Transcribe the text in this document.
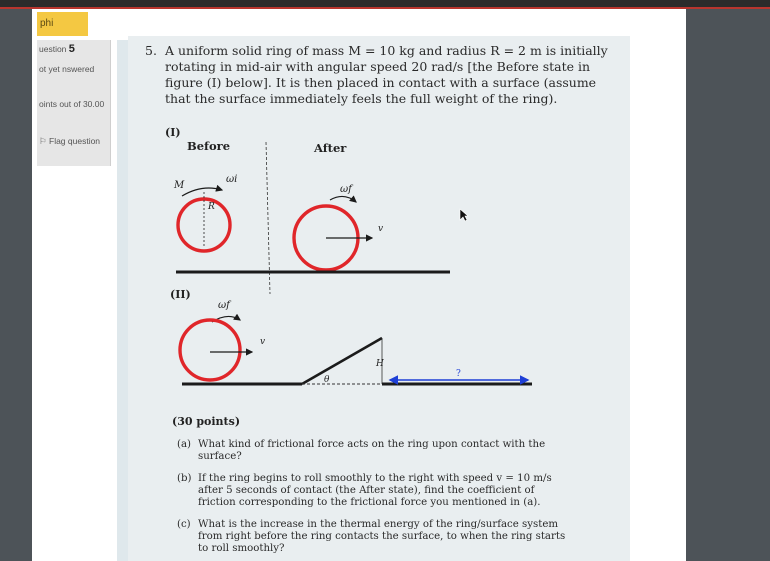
phi
uestion 5
ot yet nswered
oints out of 30.00
⚐ Flag question
5. A uniform solid ring of mass M = 10 kg and radius R = 2 m is initially rotating in mid-air with angular speed 20 rad/s [the Before state in figure (I) below]. It is then placed in contact with a surface (assume that the surface immediately feels the full weight of the ring).
(I)
Before	After
M
ωi
R
ωf
v
(II)
ωf
v
H
θ
?
(30 points)
(a) What kind of frictional force acts on the ring upon contact with the surface?
(b) If the ring begins to roll smoothly to the right with speed v = 10 m/s after 5 seconds of contact (the After state), find the coefficient of friction corresponding to the frictional force you mentioned in (a).
(c) What is the increase in the thermal energy of the ring/surface system from right before the ring contacts the surface, to when the ring starts to roll smoothly?
